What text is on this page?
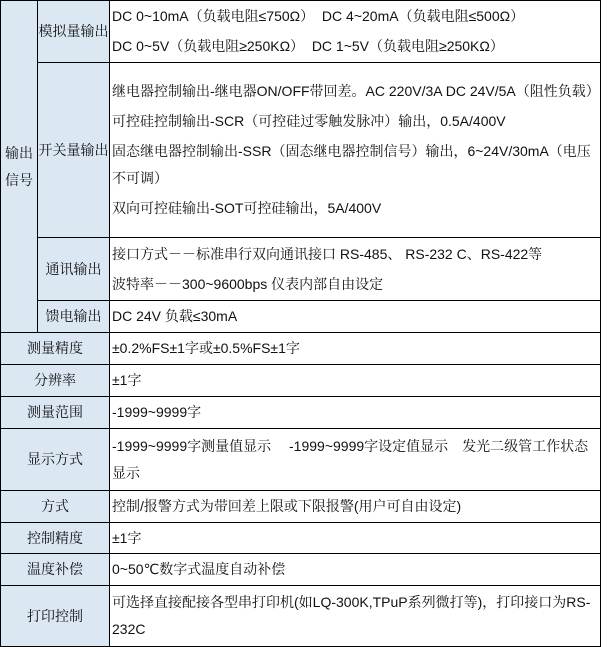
输出信号
模拟量输出
DC 0~10mA（负载电阻≤750Ω）  DC 4~20mA（负载电阻≤500Ω）
DC 0~5V（负载电阻≥250KΩ）  DC 1~5V（负载电阻≥250KΩ）
开关量输出
继电器控制输出-继电器ON/OFF带回差。AC 220V/3A DC 24V/5A（阻性负载）
可控硅控制输出-SCR（可控硅过零触发脉冲）输出，0.5A/400V
固态继电器控制输出-SSR（固态继电器控制信号）输出，6~24V/30mA（电压不可调）
双向可控硅输出-SOT可控硅输出，5A/400V
通讯输出
接口方式－－标准串行双向通讯接口 RS-485、 RS-232 C、RS-422等
波特率－－300~9600bps 仪表内部自由设定
馈电输出 DC 24V 负载≤30mA
测量精度 ±0.2%FS±1字或±0.5%FS±1字
分辨率	±1字
测量范围 -1999~9999字
显示方式
-1999~9999字测量值显示　 -1999~9999字设定值显示　发光二级管工作状态显示
方式	控制/报警方式为带回差上限或下限报警(用户可自由设定)
控制精度 ±1字
温度补偿 0~50℃数字式温度自动补偿
打印控制
可选择直接配接各型串打印机(如LQ-300K,TPuP系列微打等)，打印接口为RS-232C
